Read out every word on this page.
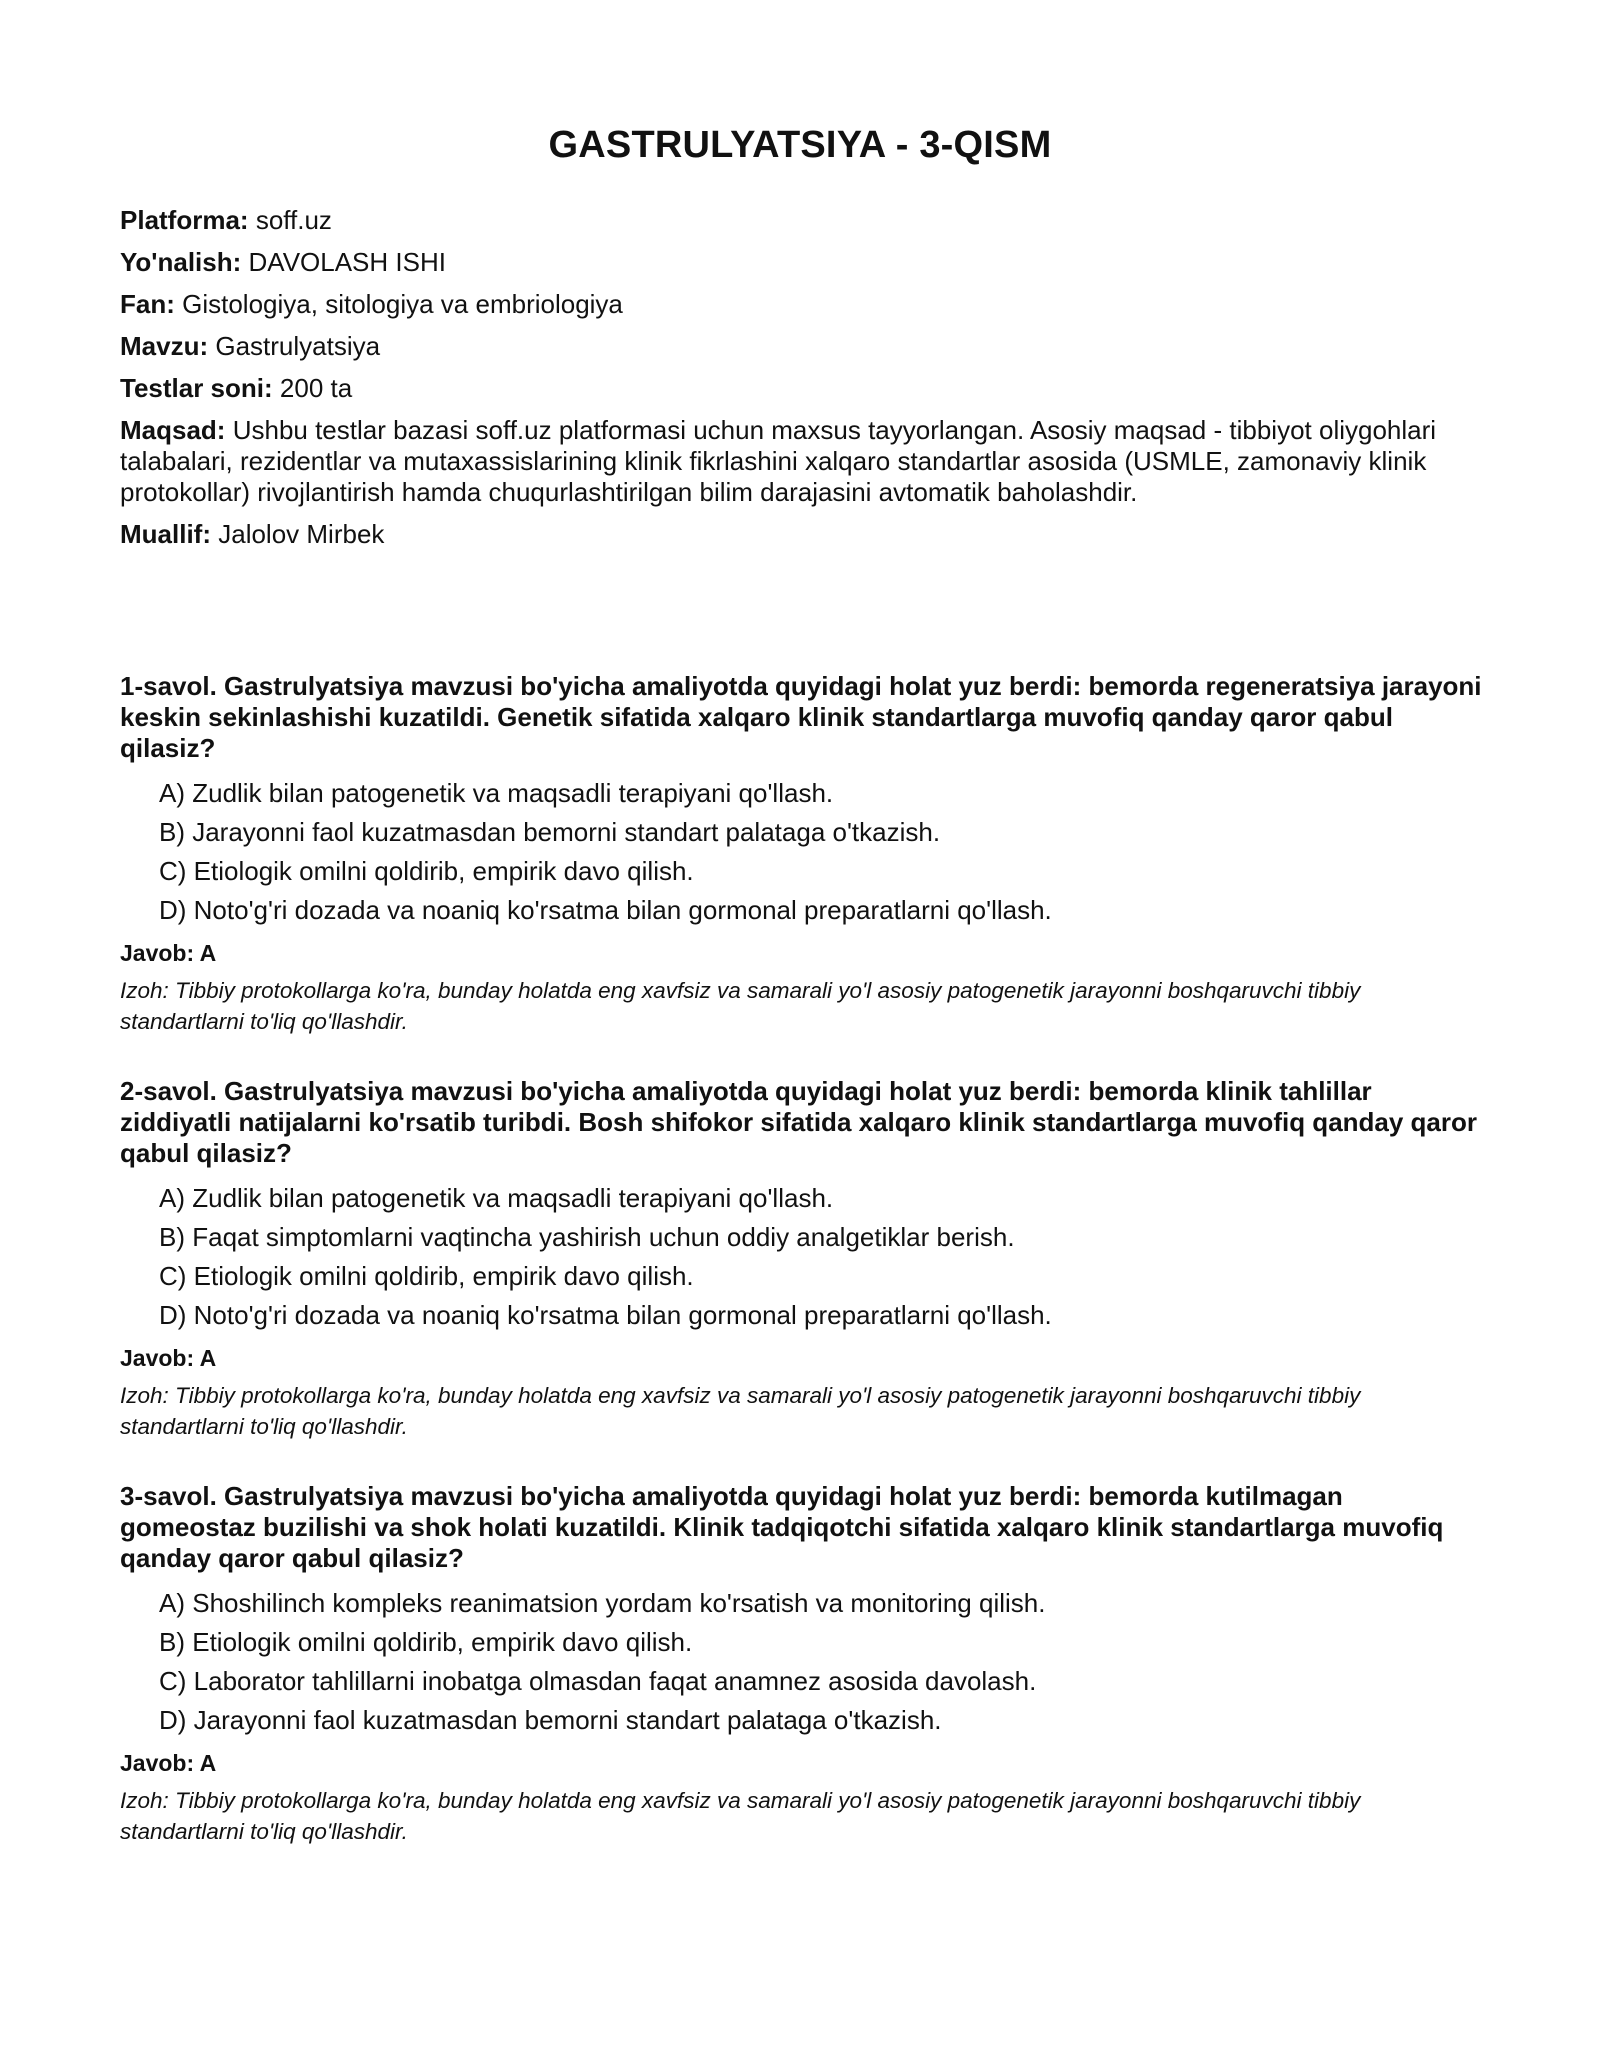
GASTRULYATSIYA - 3-QISM

Platforma: soff.uz

Yo'nalish: DAVOLASH ISHI

Fan: Gistologiya, sitologiya va embriologiya

Mavzu: Gastrulyatsiya

Testlar soni: 200 ta

Maqsad: Ushbu testlar bazasi soff.uz platformasi uchun maxsus tayyorlangan. Asosiy maqsad - tibbiyot oliygohlari talabalari, rezidentlar va mutaxassislarining klinik fikrlashini xalqaro standartlar asosida (USMLE, zamonaviy klinik protokollar) rivojlantirish hamda chuqurlashtirilgan bilim darajasini avtomatik baholashdir.

Muallif: Jalolov Mirbek

1-savol. Gastrulyatsiya mavzusi bo'yicha amaliyotda quyidagi holat yuz berdi: bemorda regeneratsiya jarayoni keskin sekinlashishi kuzatildi. Genetik sifatida xalqaro klinik standartlarga muvofiq qanday qaror qabul qilasiz?

A) Zudlik bilan patogenetik va maqsadli terapiyani qo'llash.
B) Jarayonni faol kuzatmasdan bemorni standart palataga o'tkazish.
C) Etiologik omilni qoldirib, empirik davo qilish.
D) Noto'g'ri dozada va noaniq ko'rsatma bilan gormonal preparatlarni qo'llash.

Javob: A

Izoh: Tibbiy protokollarga ko'ra, bunday holatda eng xavfsiz va samarali yo'l asosiy patogenetik jarayonni boshqaruvchi tibbiy standartlarni to'liq qo'llashdir.

2-savol. Gastrulyatsiya mavzusi bo'yicha amaliyotda quyidagi holat yuz berdi: bemorda klinik tahlillar ziddiyatli natijalarni ko'rsatib turibdi. Bosh shifokor sifatida xalqaro klinik standartlarga muvofiq qanday qaror qabul qilasiz?

A) Zudlik bilan patogenetik va maqsadli terapiyani qo'llash.
B) Faqat simptomlarni vaqtincha yashirish uchun oddiy analgetiklar berish.
C) Etiologik omilni qoldirib, empirik davo qilish.
D) Noto'g'ri dozada va noaniq ko'rsatma bilan gormonal preparatlarni qo'llash.

Javob: A

Izoh: Tibbiy protokollarga ko'ra, bunday holatda eng xavfsiz va samarali yo'l asosiy patogenetik jarayonni boshqaruvchi tibbiy standartlarni to'liq qo'llashdir.

3-savol. Gastrulyatsiya mavzusi bo'yicha amaliyotda quyidagi holat yuz berdi: bemorda kutilmagan gomeostaz buzilishi va shok holati kuzatildi. Klinik tadqiqotchi sifatida xalqaro klinik standartlarga muvofiq qanday qaror qabul qilasiz?

A) Shoshilinch kompleks reanimatsion yordam ko'rsatish va monitoring qilish.
B) Etiologik omilni qoldirib, empirik davo qilish.
C) Laborator tahlillarni inobatga olmasdan faqat anamnez asosida davolash.
D) Jarayonni faol kuzatmasdan bemorni standart palataga o'tkazish.

Javob: A

Izoh: Tibbiy protokollarga ko'ra, bunday holatda eng xavfsiz va samarali yo'l asosiy patogenetik jarayonni boshqaruvchi tibbiy standartlarni to'liq qo'llashdir.
